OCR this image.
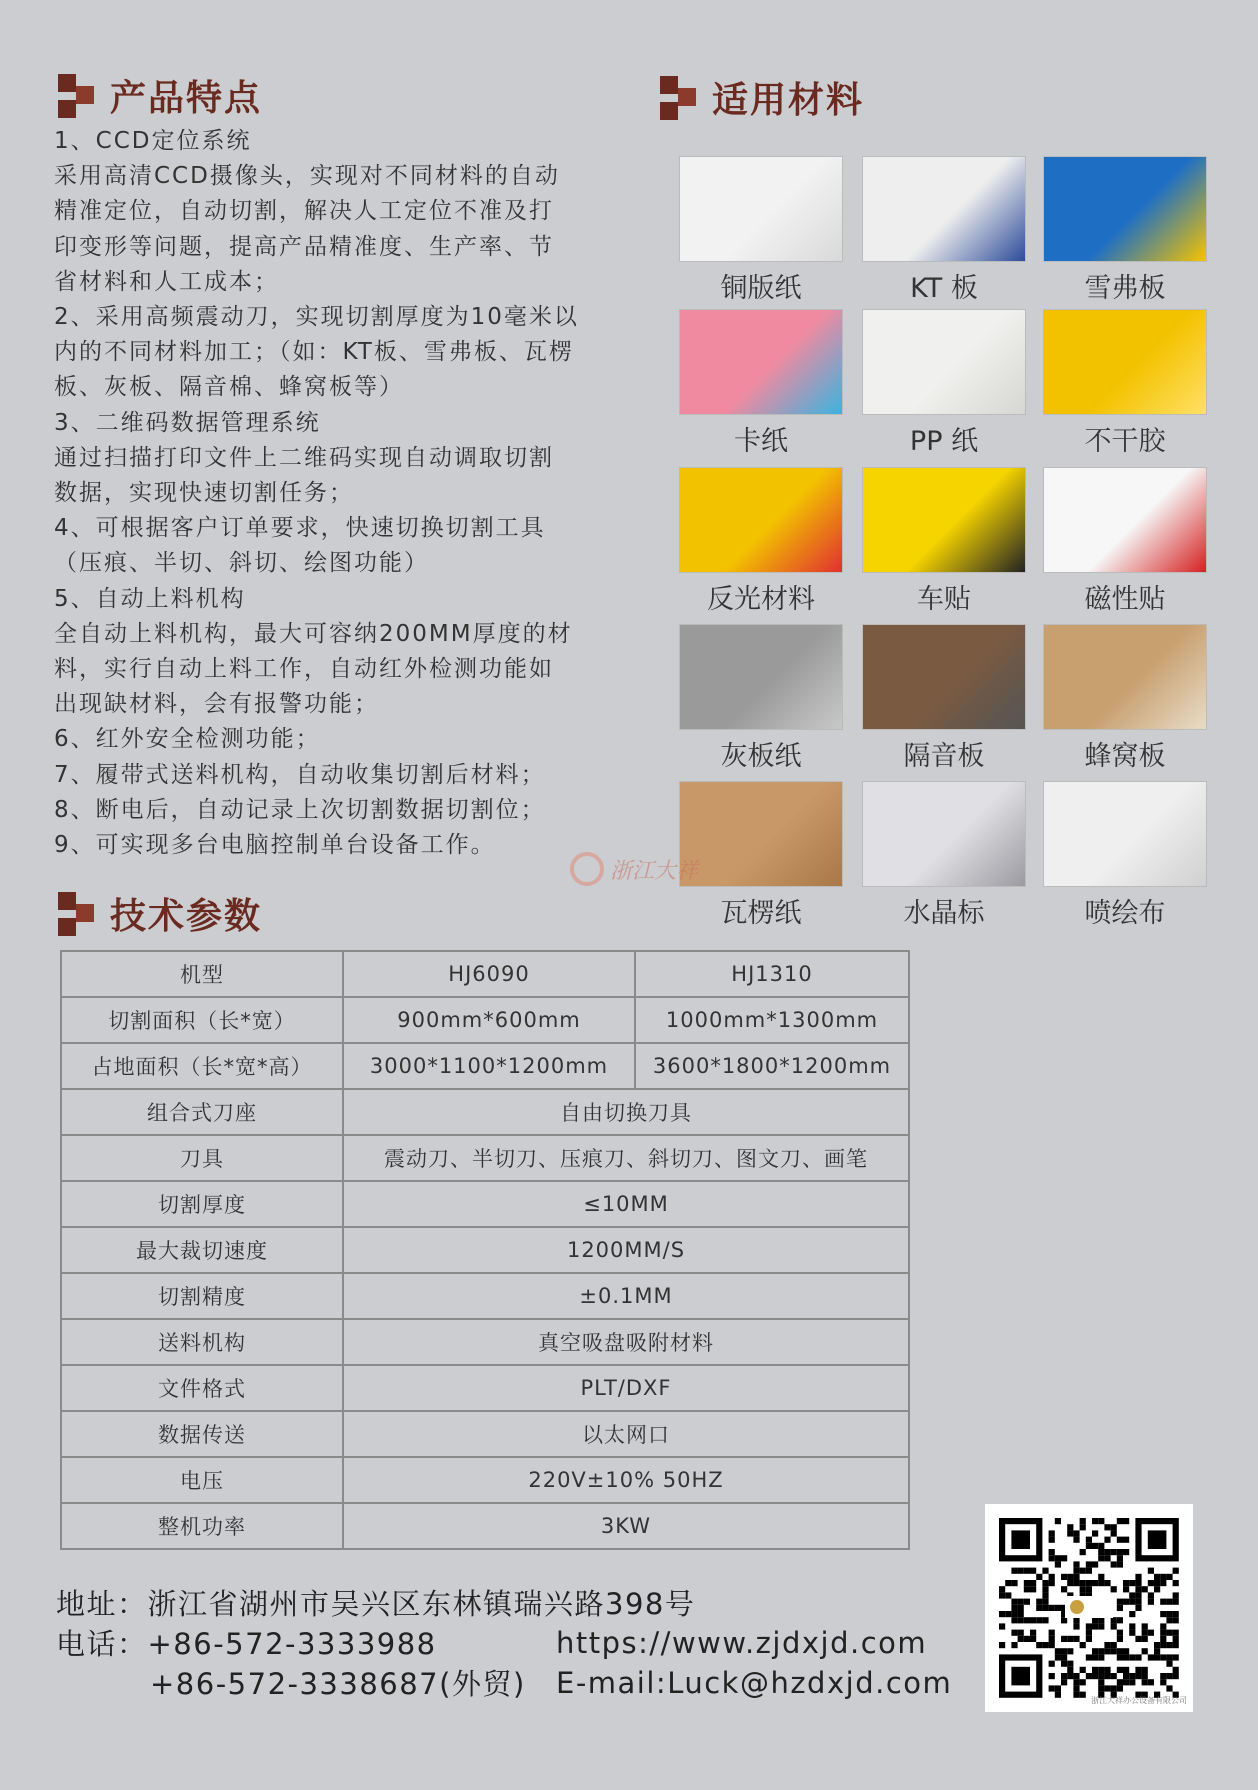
产品特点	适用材料
技术参数
1、CCD定位系统
采用高清CCD摄像头，实现对不同材料的自动
精准定位，自动切割，解决人工定位不准及打
印变形等问题，提高产品精准度、生产率、节
省材料和人工成本；
2、采用高频震动刀，实现切割厚度为10毫米以
内的不同材料加工；（如：KT板、雪弗板、瓦楞
板、灰板、隔音棉、蜂窝板等）
3、二维码数据管理系统
通过扫描打印文件上二维码实现自动调取切割
数据，实现快速切割任务；
4、可根据客户订单要求，快速切换切割工具
（压痕、半切、斜切、绘图功能）
5、自动上料机构
全自动上料机构，最大可容纳200MM厚度的材
料，实行自动上料工作，自动红外检测功能如
出现缺材料，会有报警功能；
6、红外安全检测功能；
7、履带式送料机构，自动收集切割后材料；
8、断电后，自动记录上次切割数据切割位；
9、可实现多台电脑控制单台设备工作。
铜版纸	KT 板	雪弗板
卡纸	PP 纸	不干胶
反光材料	车贴	磁性贴
灰板纸	隔音板	蜂窝板
瓦楞纸	水晶标	喷绘布
浙江大祥
机型	HJ6090	HJ1310
切割面积（长*宽）	900mm*600mm	1000mm*1300mm
占地面积（长*宽*高）	3000*1100*1200mm	3600*1800*1200mm
组合式刀座	自由切换刀具	
刀具	震动刀、半切刀、压痕刀、斜切刀、图文刀、画笔	
切割厚度	≤10MM	
最大裁切速度	1200MM/S	
切割精度	±0.1MM	
送料机构	真空吸盘吸附材料	
文件格式	PLT/DXF	
数据传送	以太网口	
电压	220V±10% 50HZ	
整机功率	3KW	
地址：浙江省湖州市吴兴区东林镇瑞兴路398号
电话：+86-572-3333988
+86-572-3338687(外贸)
https://www.zjdxjd.com
E-mail:Luck@hzdxjd.com
浙江大祥办公设备有限公司
